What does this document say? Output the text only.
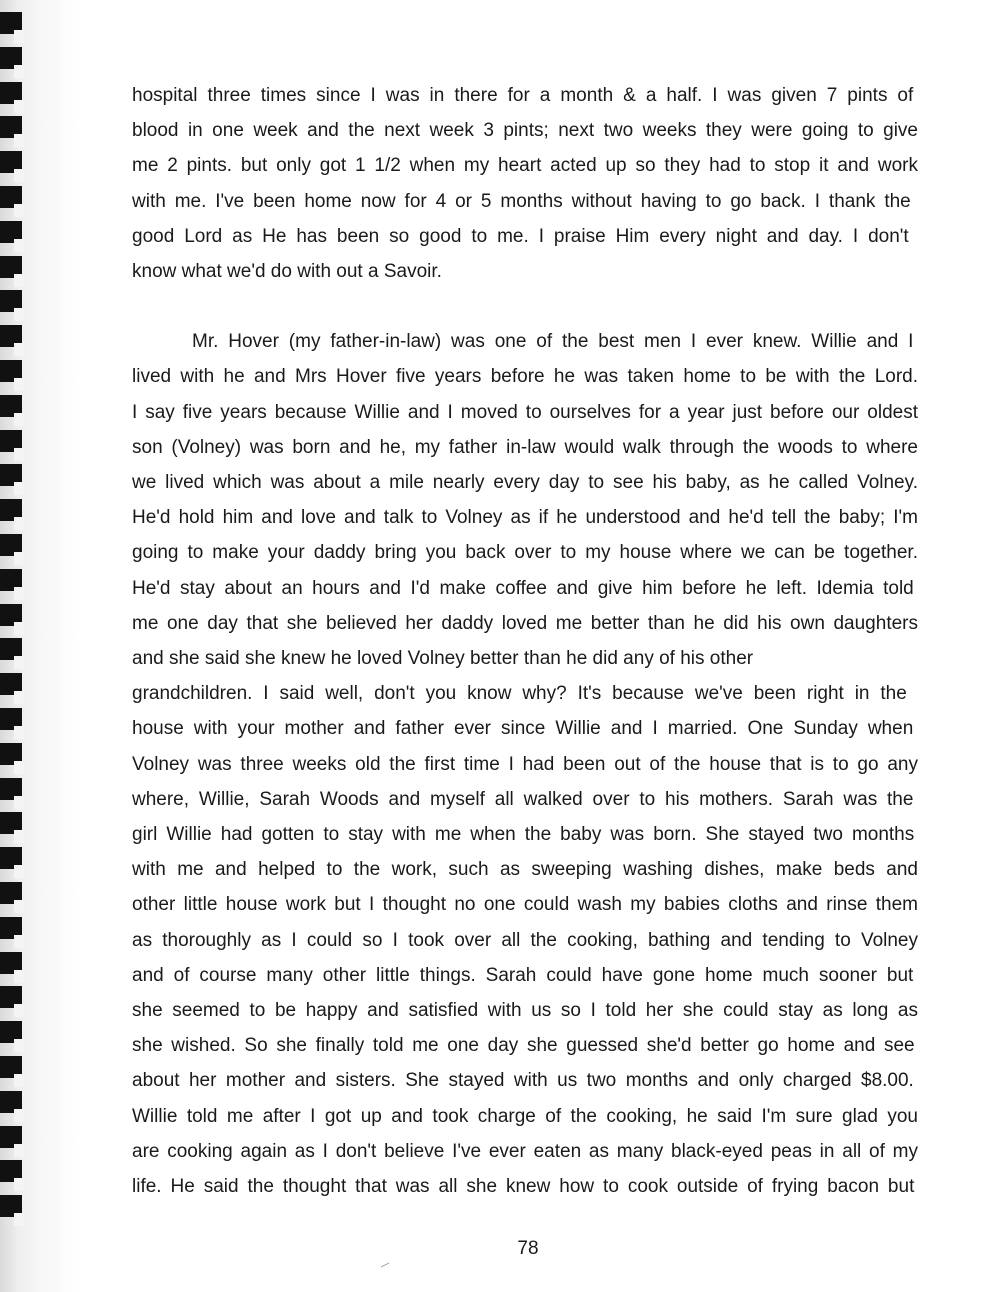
hospital three times since I was in there for a month & a half. I was given 7 pints of
blood in one week and the next week 3 pints; next two weeks they were going to give
me 2 pints. but only got 1 1/2 when my heart acted up so they had to stop it and work
with me. I've been home now for 4 or 5 months without having to go back. I thank the
good Lord as He has been so good to me. I praise Him every night and day. I don't
know what we'd do with out a Savoir.

Mr. Hover (my father-in-law) was one of the best men I ever knew. Willie and I
lived with he and Mrs Hover five years before he was taken home to be with the Lord.
I say five years because Willie and I moved to ourselves for a year just before our oldest
son (Volney) was born and he, my father in-law would walk through the woods to where
we lived which was about a mile nearly every day to see his baby, as he called Volney.
He'd hold him and love and talk to Volney as if he understood and he'd tell the baby; I'm
going to make your daddy bring you back over to my house where we can be together.
He'd stay about an hours and I'd make coffee and give him before he left. Idemia told
me one day that she believed her daddy loved me better than he did his own daughters
and she said she knew he loved Volney better than he did any of his other
grandchildren. I said well, don't you know why? It's because we've been right in the
house with your mother and father ever since Willie and I married. One Sunday when
Volney was three weeks old the first time I had been out of the house that is to go any
where, Willie, Sarah Woods and myself all walked over to his mothers. Sarah was the
girl Willie had gotten to stay with me when the baby was born. She stayed two months
with me and helped to the work, such as sweeping washing dishes, make beds and
other little house work but I thought no one could wash my babies cloths and rinse them
as thoroughly as I could so I took over all the cooking, bathing and tending to Volney
and of course many other little things. Sarah could have gone home much sooner but
she seemed to be happy and satisfied with us so I told her she could stay as long as
she wished. So she finally told me one day she guessed she'd better go home and see
about her mother and sisters. She stayed with us two months and only charged $8.00.
Willie told me after I got up and took charge of the cooking, he said I'm sure glad you
are cooking again as I don't believe I've ever eaten as many black-eyed peas in all of my
life. He said the thought that was all she knew how to cook outside of frying bacon but

78
